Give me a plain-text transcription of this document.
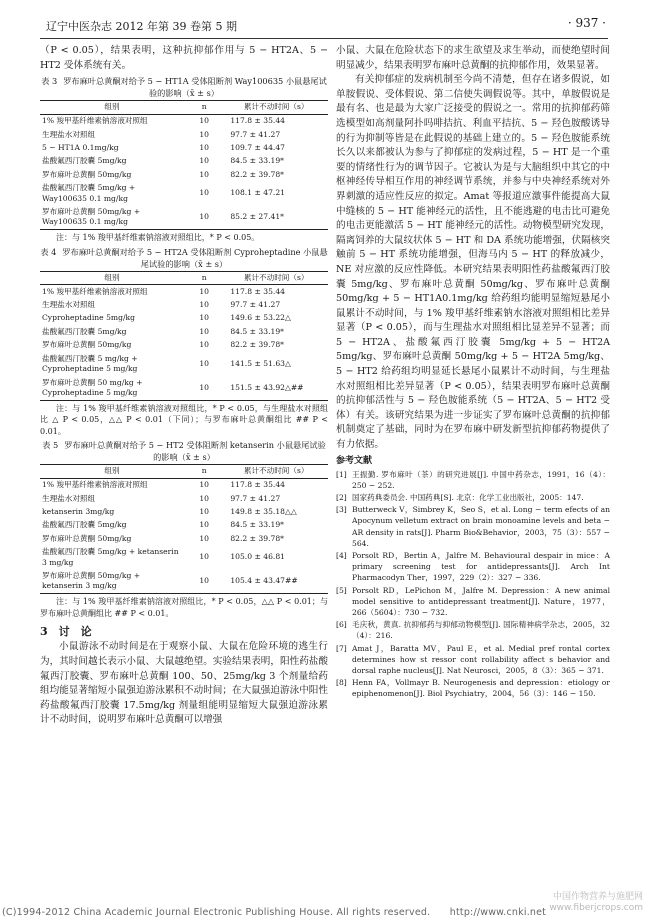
辽宁中医杂志 2012 年第 39 卷第 5 期	· 937 ·

（P < 0.05），结果表明，这种抗抑郁作用与 5 − HT2A、5 − HT2 受体系统有关。

表 3 罗布麻叶总黄酮对给予 5 − HT1A 受体阻断剂 Way100635 小鼠悬尾试验的影响（x̄ ± s）
组别	n	累计不动时间（s）
1% 羧甲基纤维素钠溶液对照组	10	117.8 ± 35.44
生理盐水对照组	10	97.7 ± 41.27
5 − HT1A 0.1mg/kg	10	109.7 ± 44.47
盐酸氟西汀胶囊 5mg/kg	10	84.5 ± 33.19*
罗布麻叶总黄酮 50mg/kg	10	82.2 ± 39.78*
盐酸氟西汀胶囊 5mg/kg + Way100635 0.1 mg/kg	10	108.1 ± 47.21
罗布麻叶总黄酮 50mg/kg + Way100635 0.1 mg/kg	10	85.2 ± 27.41*

注：与 1% 羧甲基纤维素钠溶液对照组比，* P < 0.05。

表 4 罗布麻叶总黄酮对给予 5 − HT2A 受体阻断剂 Cyproheptadine 小鼠悬尾试验的影响（x̄ ± s）
组别	n	累计不动时间（s）
1% 羧甲基纤维素钠溶液对照组	10	117.8 ± 35.44
生理盐水对照组	10	97.7 ± 41.27
Cyproheptadine 5mg/kg	10	149.6 ± 53.22△
盐酸氟西汀胶囊 5mg/kg	10	84.5 ± 33.19*
罗布麻叶总黄酮 50mg/kg	10	82.2 ± 39.78*
盐酸氟西汀胶囊 5 mg/kg + Cyproheptadine 5 mg/kg	10	141.5 ± 51.63△
罗布麻叶总黄酮 50 mg/kg + Cyproheptadine 5 mg/kg	10	151.5 ± 43.92△##

注：与 1% 羧甲基纤维素钠溶液对照组比，* P < 0.05，与生理盐水对照组比 △ P < 0.05，△△ P < 0.01（下同）；与罗布麻叶总黄酮组比 ## P < 0.01。

表 5 罗布麻叶总黄酮对给予 5 − HT2 受体阻断剂 ketanserin 小鼠悬尾试验的影响（x̄ ± s）
组别	n	累计不动时间（s）
1% 羧甲基纤维素钠溶液对照组	10	117.8 ± 35.44
生理盐水对照组	10	97.7 ± 41.27
ketanserin 3mg/kg	10	149.8 ± 35.18△△
盐酸氟西汀胶囊 5mg/kg	10	84.5 ± 33.19*
罗布麻叶总黄酮 50mg/kg	10	82.2 ± 39.78*
盐酸氟西汀胶囊 5mg/kg + ketanserin 3 mg/kg	10	105.0 ± 46.81
罗布麻叶总黄酮 50mg/kg + ketanserin 3 mg/kg	10	105.4 ± 43.47##

注：与 1% 羧甲基纤维素钠溶液对照组比，* P < 0.05，△△ P < 0.01；与罗布麻叶总黄酮组比 ## P < 0.01。

3　讨　论

小鼠游泳不动时间是在于观察小鼠、大鼠在危险环境的逃生行为，其时间越长表示小鼠、大鼠越绝望。实验结果表明，阳性药盐酸氟西汀胶囊、罗布麻叶总黄酮 100、50、25mg/kg 3 个剂量给药组均能显著缩短小鼠强迫游泳累积不动时间；在大鼠强迫游泳中阳性药盐酸氟西汀胶囊 17.5mg/kg 剂量组能明显缩短大鼠强迫游泳累计不动时间，说明罗布麻叶总黄酮可以增强

小鼠、大鼠在危险状态下的求生欲望及求生举动，而使绝望时间明显减少，结果表明罗布麻叶总黄酮的抗抑郁作用，效果显著。

有关抑郁症的发病机制至今尚不清楚，但存在诸多假说，如单胺假说、受体假说、第二信使失调假说等。其中，单胺假说是最有名、也是最为大家广泛接受的假说之一。常用的抗抑郁药筛选模型如高剂量阿扑吗啡拮抗、利血平拮抗、5 − 羟色胺酸诱导的行为抑制等皆是在此假说的基础上建立的。5 − 羟色胺能系统长久以来都被认为参与了抑郁症的发病过程，5 − HT 是一个重要的情绪性行为的调节因子。它被认为是与大脑组织中其它的中枢神经传导相互作用的神经调节系统，并参与中央神经系统对外界刺激的适应性反应的拟定。Amat 等报道应激事件能提高大鼠中缝核的 5 − HT 能神经元的活性，且不能逃避的电击比可避免的电击更能激活 5 − HT 能神经元的活性。动物模型研究发现，隔离饲养的大鼠纹状体 5 − HT 和 DA 系统功能增强，伏隔核突触前 5 − HT 系统功能增强，但海马内 5 − HT 的释放减少，NE 对应激的反应性降低。本研究结果表明阳性药盐酸氟西汀胶囊 5mg/kg、罗布麻叶总黄酮 50mg/kg、罗布麻叶总黄酮 50mg/kg + 5 − HT1A0.1mg/kg 给药组均能明显缩短悬尾小鼠累计不动时间，与 1% 羧甲基纤维素钠水溶液对照组相比差异显著（P < 0.05），而与生理盐水对照组相比显差异不显著；而 5 − HT2A、盐酸氟西汀胶囊 5mg/kg + 5 − HT2A 5mg/kg、罗布麻叶总黄酮 50mg/kg + 5 − HT2A 5mg/kg、5 − HT2 给药组均明显延长悬尾小鼠累计不动时间，与生理盐水对照组相比差异显著（P < 0.05），结果表明罗布麻叶总黄酮的抗抑郁活性与 5 − 羟色胺能系统（5 − HT2A、5 − HT2 受体）有关。该研究结果为进一步证实了罗布麻叶总黄酮的抗抑郁机制奠定了基础，同时为在罗布麻中研发新型抗抑郁药物提供了有力依据。

参考文献
[1] 王振勤. 罗布麻叶（茶）的研究进展[J]. 中国中药杂志，1991，16（4）：250 − 252.
[2] 国家药典委员会. 中国药典[S]. 北京：化学工业出版社，2005：147.
[3] Butterweck V，Simbrey K，Seo S，et al. Long − term efects of an Apocynum velletum extract on brain monoamine levels and beta − AR density in rats[J]. Pharm Bio&Behavior，2003，75（3）：557 − 564.
[4] Porsolt RD，Bertin A，Jalfre M. Behavioural despair in mice：A primary screening test for antidepressants[J]. Arch Int Pharmacodyn Ther，1997，229（2）：327 − 336.
[5] Porsolt RD，LePichon M，Jalfre M. Depression：A new animal model sensitive to antidepressant treatment[J]. Nature，1977，266（5604）：730 − 732.
[6] 毛庆秋，黄真. 抗抑郁药与抑郁动物模型[J]. 国际精神病学杂志，2005，32（4）：216.
[7] Amat J，Baratta MV，Paul E，et al. Medial pref rontal cortex determines how st ressor cont rollability affect s behavior and dorsal raphe nucleus[J]. Nat Neurosci，2005，8（3）：365 − 371.
[8] Henn FA，Vollmayr B. Neurogenesis and depression：etiology or epiphenomenon[J]. Biol Psychiatry，2004，56（3）：146 − 150.
(C)1994-2012 China Academic Journal Electronic Publishing House. All rights reserved.　　http://www.cnki.net
中国作物营养与施肥网
www.fiberjcrops.com
